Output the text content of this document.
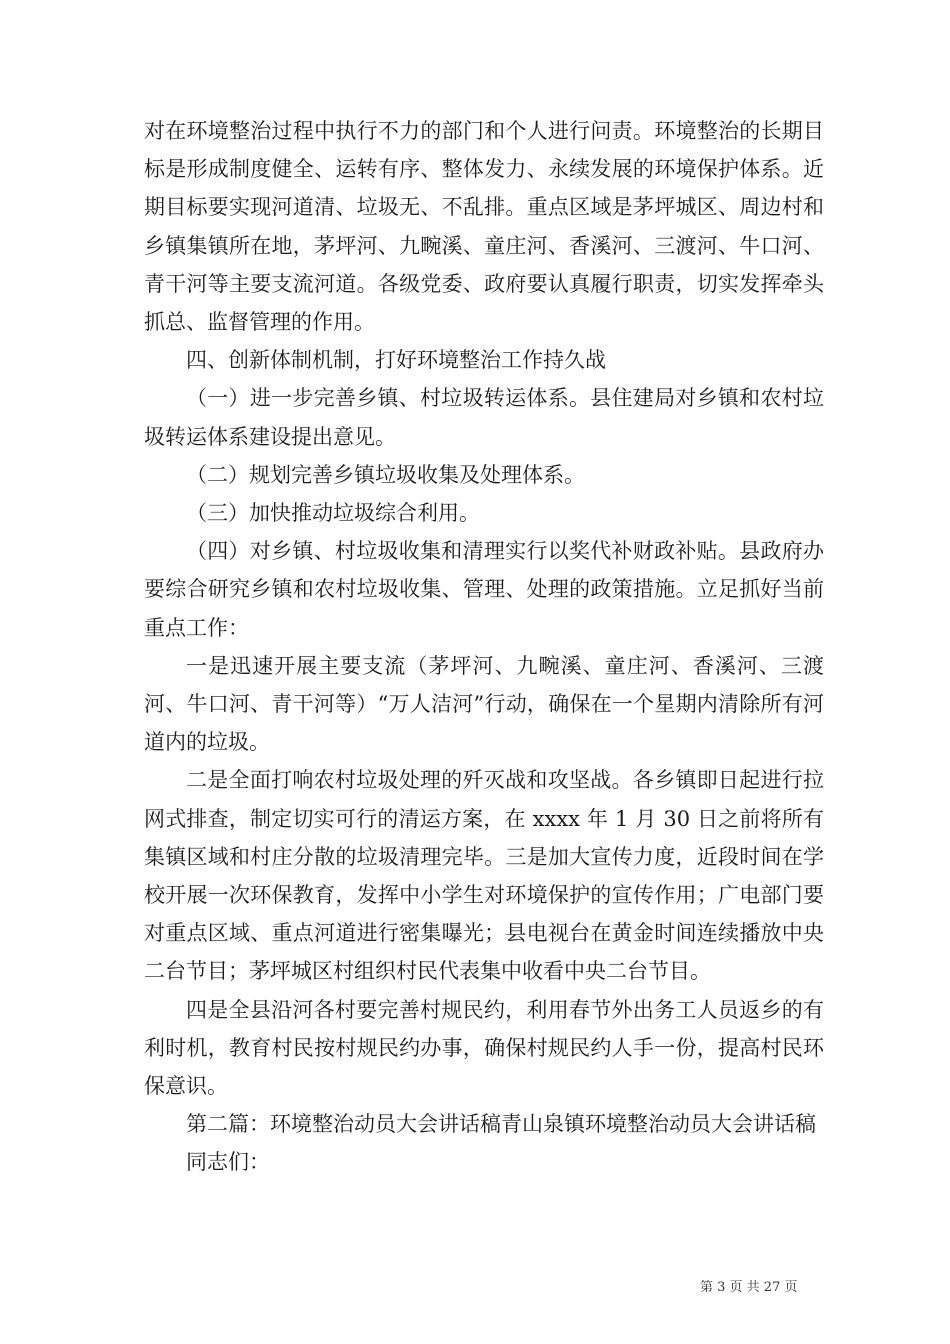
对在环境整治过程中执行不力的部门和个人进行问责。环境整治的长期目标是形成制度健全、运转有序、整体发力、永续发展的环境保护体系。近期目标要实现河道清、垃圾无、不乱排。重点区域是茅坪城区、周边村和乡镇集镇所在地，茅坪河、九畹溪、童庄河、香溪河、三渡河、牛口河、青干河等主要支流河道。各级党委、政府要认真履行职责，切实发挥牵头抓总、监督管理的作用。

四、创新体制机制，打好环境整治工作持久战

（一）进一步完善乡镇、村垃圾转运体系。县住建局对乡镇和农村垃圾转运体系建设提出意见。

（二）规划完善乡镇垃圾收集及处理体系。

（三）加快推动垃圾综合利用。

（四）对乡镇、村垃圾收集和清理实行以奖代补财政补贴。县政府办要综合研究乡镇和农村垃圾收集、管理、处理的政策措施。立足抓好当前重点工作：

一是迅速开展主要支流（茅坪河、九畹溪、童庄河、香溪河、三渡河、牛口河、青干河等）“万人洁河”行动，确保在一个星期内清除所有河道内的垃圾。

二是全面打响农村垃圾处理的歼灭战和攻坚战。各乡镇即日起进行拉网式排查，制定切实可行的清运方案，在 xxxx 年 1 月 30 日之前将所有集镇区域和村庄分散的垃圾清理完毕。三是加大宣传力度，近段时间在学校开展一次环保教育，发挥中小学生对环境保护的宣传作用；广电部门要对重点区域、重点河道进行密集曝光；县电视台在黄金时间连续播放中央二台节目；茅坪城区村组织村民代表集中收看中央二台节目。

四是全县沿河各村要完善村规民约，利用春节外出务工人员返乡的有利时机，教育村民按村规民约办事，确保村规民约人手一份，提高村民环保意识。

第二篇：环境整治动员大会讲话稿青山泉镇环境整治动员大会讲话稿

同志们：

第 3 页 共 27 页
